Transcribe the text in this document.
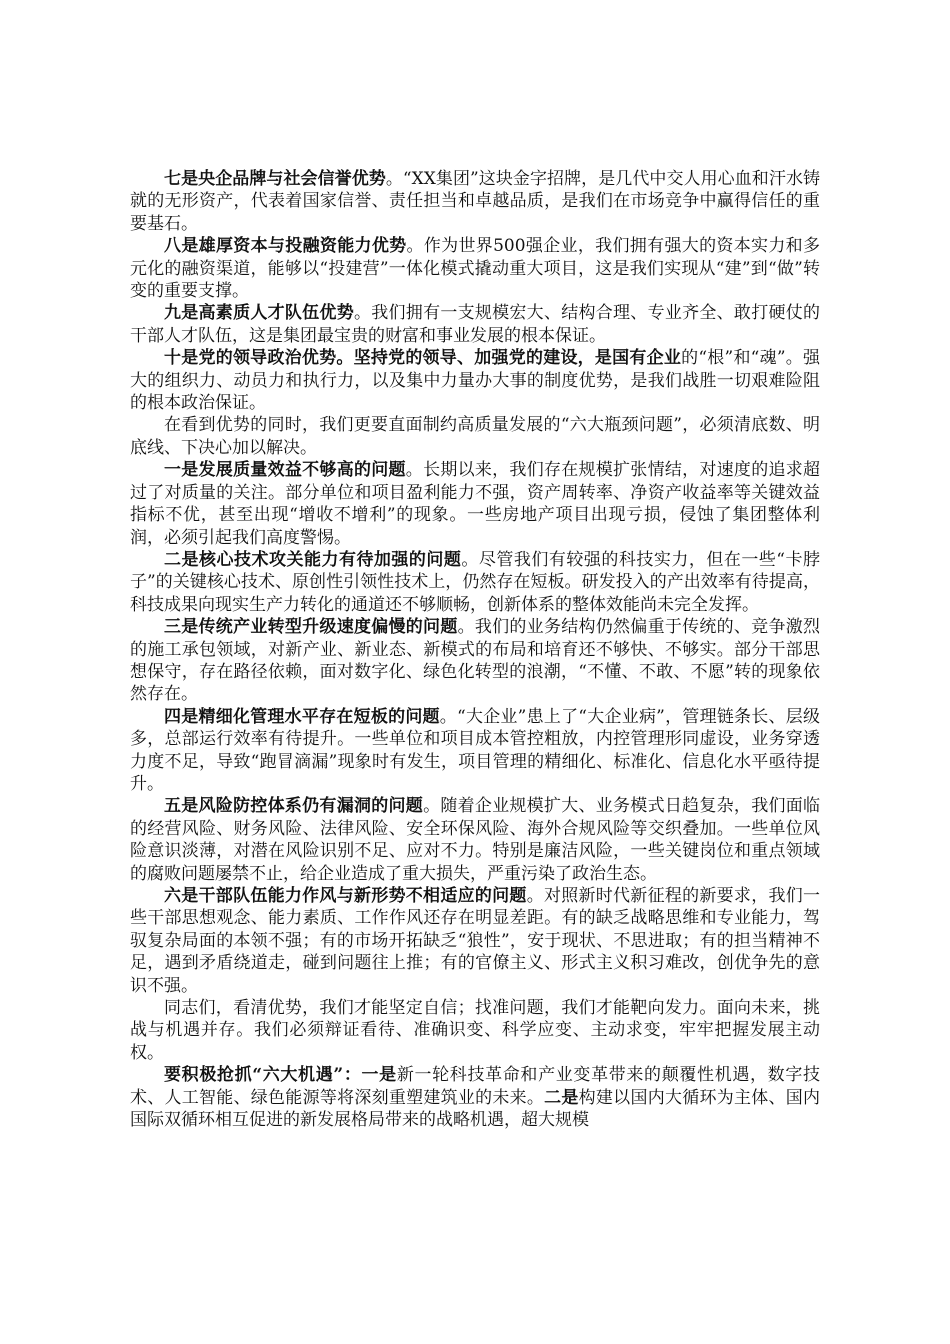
七是央企品牌与社会信誉优势。“XX集团”这块金字招牌，是几代中交人用心血和汗水铸就的无形资产，代表着国家信誉、责任担当和卓越品质，是我们在市场竞争中赢得信任的重要基石。

八是雄厚资本与投融资能力优势。作为世界500强企业，我们拥有强大的资本实力和多元化的融资渠道，能够以“投建营”一体化模式撬动重大项目，这是我们实现从“建”到“做”转变的重要支撑。

九是高素质人才队伍优势。我们拥有一支规模宏大、结构合理、专业齐全、敢打硬仗的干部人才队伍，这是集团最宝贵的财富和事业发展的根本保证。

十是党的领导政治优势。坚持党的领导、加强党的建设，是国有企业的“根”和“魂”。强大的组织力、动员力和执行力，以及集中力量办大事的制度优势，是我们战胜一切艰难险阻的根本政治保证。

在看到优势的同时，我们更要直面制约高质量发展的“六大瓶颈问题”，必须清底数、明底线、下决心加以解决。

一是发展质量效益不够高的问题。长期以来，我们存在规模扩张情结，对速度的追求超过了对质量的关注。部分单位和项目盈利能力不强，资产周转率、净资产收益率等关键效益指标不优，甚至出现“增收不增利”的现象。一些房地产项目出现亏损，侵蚀了集团整体利润，必须引起我们高度警惕。

二是核心技术攻关能力有待加强的问题。尽管我们有较强的科技实力，但在一些“卡脖子”的关键核心技术、原创性引领性技术上，仍然存在短板。研发投入的产出效率有待提高，科技成果向现实生产力转化的通道还不够顺畅，创新体系的整体效能尚未完全发挥。

三是传统产业转型升级速度偏慢的问题。我们的业务结构仍然偏重于传统的、竞争激烈的施工承包领域，对新产业、新业态、新模式的布局和培育还不够快、不够实。部分干部思想保守，存在路径依赖，面对数字化、绿色化转型的浪潮，“不懂、不敢、不愿”转的现象依然存在。

四是精细化管理水平存在短板的问题。“大企业”患上了“大企业病”，管理链条长、层级多，总部运行效率有待提升。一些单位和项目成本管控粗放，内控管理形同虚设，业务穿透力度不足，导致“跑冒滴漏”现象时有发生，项目管理的精细化、标准化、信息化水平亟待提升。

五是风险防控体系仍有漏洞的问题。随着企业规模扩大、业务模式日趋复杂，我们面临的经营风险、财务风险、法律风险、安全环保风险、海外合规风险等交织叠加。一些单位风险意识淡薄，对潜在风险识别不足、应对不力。特别是廉洁风险，一些关键岗位和重点领域的腐败问题屡禁不止，给企业造成了重大损失，严重污染了政治生态。

六是干部队伍能力作风与新形势不相适应的问题。对照新时代新征程的新要求，我们一些干部思想观念、能力素质、工作作风还存在明显差距。有的缺乏战略思维和专业能力，驾驭复杂局面的本领不强；有的市场开拓缺乏“狼性”，安于现状、不思进取；有的担当精神不足，遇到矛盾绕道走，碰到问题往上推；有的官僚主义、形式主义积习难改，创优争先的意识不强。

同志们，看清优势，我们才能坚定自信；找准问题，我们才能靶向发力。面向未来，挑战与机遇并存。我们必须辩证看待、准确识变、科学应变、主动求变，牢牢把握发展主动权。

要积极抢抓“六大机遇”：一是新一轮科技革命和产业变革带来的颠覆性机遇，数字技术、人工智能、绿色能源等将深刻重塑建筑业的未来。二是构建以国内大循环为主体、国内国际双循环相互促进的新发展格局带来的战略机遇，超大规模
